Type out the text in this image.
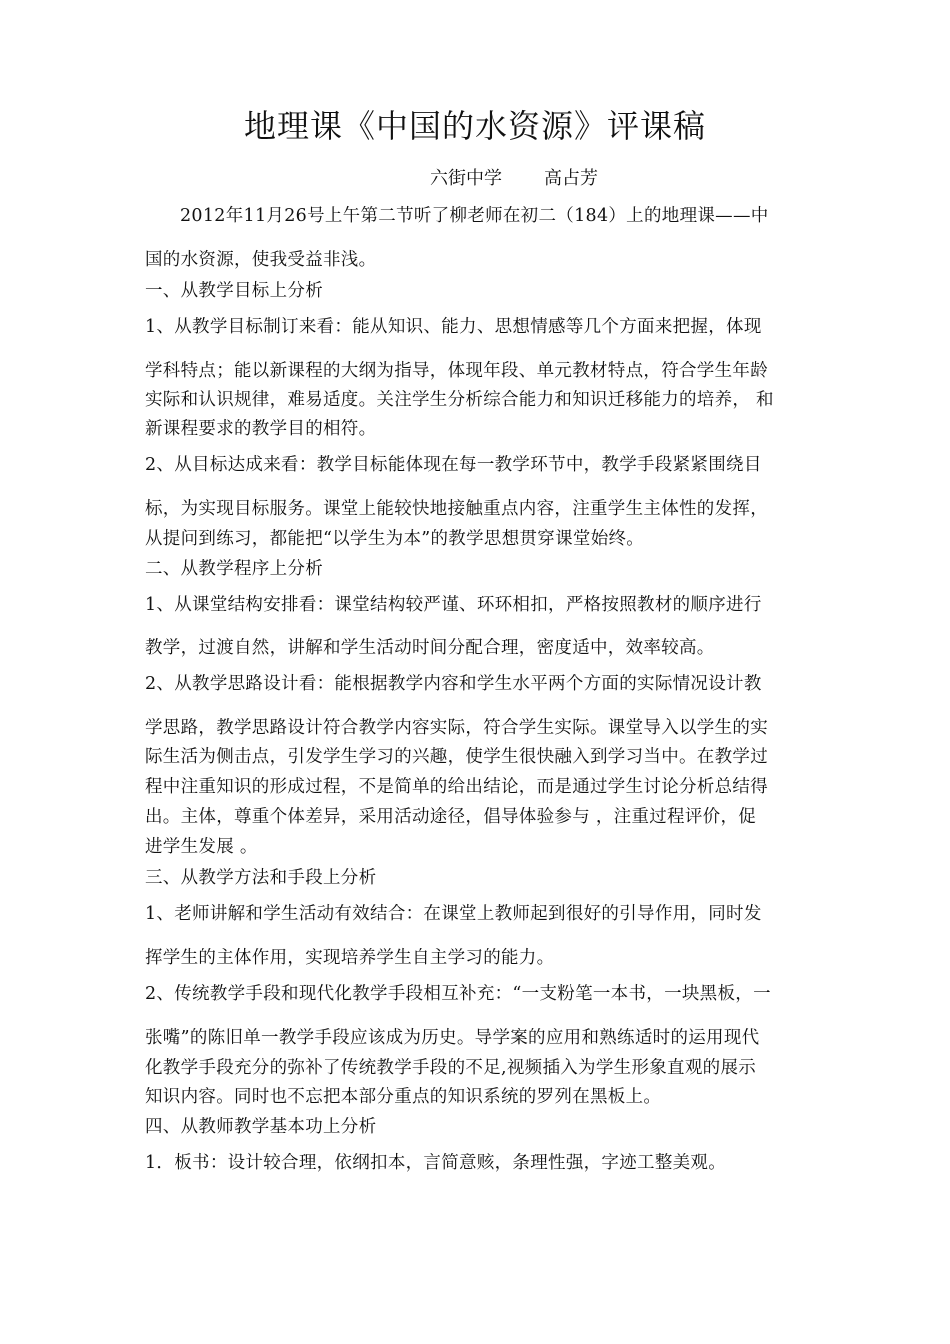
地理课《中国的水资源》评课稿
六街中学 高占芳
2012年11月26号上午第二节听了柳老师在初二（184）上的地理课——中
国的水资源，使我受益非浅。
一、从教学目标上分析
1、从教学目标制订来看：能从知识、能力、思想情感等几个方面来把握，体现
学科特点；能以新课程的大纲为指导，体现年段、单元教材特点，符合学生年龄
实际和认识规律，难易适度。关注学生分析综合能力和知识迁移能力的培养， 和
新课程要求的教学目的相符。
2、从目标达成来看：教学目标能体现在每一教学环节中，教学手段紧紧围绕目
标，为实现目标服务。课堂上能较快地接触重点内容，注重学生主体性的发挥，
从提问到练习，都能把“以学生为本”的教学思想贯穿课堂始终。
二、从教学程序上分析
1、从课堂结构安排看：课堂结构较严谨、环环相扣，严格按照教材的顺序进行
教学，过渡自然，讲解和学生活动时间分配合理，密度适中，效率较高。
2、从教学思路设计看：能根据教学内容和学生水平两个方面的实际情况设计教
学思路，教学思路设计符合教学内容实际，符合学生实际。课堂导入以学生的实
际生活为侧击点，引发学生学习的兴趣，使学生很快融入到学习当中。在教学过
程中注重知识的形成过程，不是简单的给出结论，而是通过学生讨论分析总结得
出。主体，尊重个体差异，采用活动途径，倡导体验参与 ，注重过程评价，促
进学生发展 。
三、从教学方法和手段上分析
1、老师讲解和学生活动有效结合：在课堂上教师起到很好的引导作用，同时发
挥学生的主体作用，实现培养学生自主学习的能力。
2、传统教学手段和现代化教学手段相互补充：“一支粉笔一本书，一块黑板，一
张嘴”的陈旧单一教学手段应该成为历史。导学案的应用和熟练适时的运用现代
化教学手段充分的弥补了传统教学手段的不足,视频插入为学生形象直观的展示
知识内容。同时也不忘把本部分重点的知识系统的罗列在黑板上。
四、从教师教学基本功上分析
1．板书：设计较合理，依纲扣本，言简意赅，条理性强，字迹工整美观。
